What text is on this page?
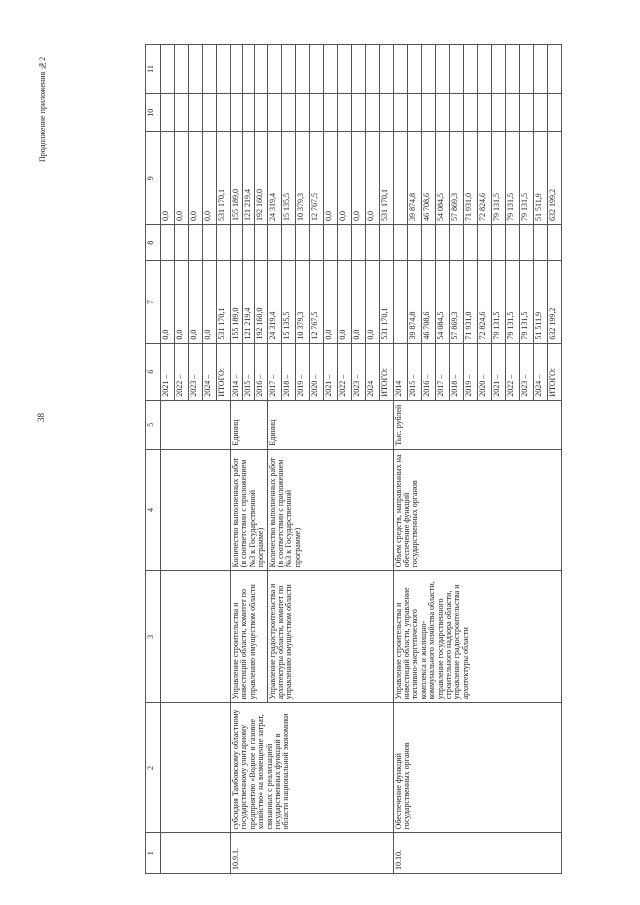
38
Продолжение приложения №2
1	2	3	4	5	6	7	8	9	10	11
					2021 –	0,0		0,0		
					2022 –	0,0		0,0		
					2023 –	0,0		0,0		
					2024 –	0,0		0,0		
					ИТОГО:	531 170,1		531 170,1		
10.9.1.	субсидия Тамбовскому областному государственному унитарному предприятию «Водное и газовое хозяйство» на возмещение затрат, связанных с реализацией государственных функций в области национальной экономики	Управление строительства и инвестиций области, комитет по управлению имуществом области	Количество выполненных работ (в соответствии с приложением №3 к Государственной программе)	Единиц	2014 –	155 189,0		155 189,0		
					2015 –	121 219,4		121 219,4		
					2016 –	192 160,0		192 160,0		
		Управление градостроительства и архитектуры области, комитет по управлению имуществом области	Количество выполненных работ (в соответствии с приложением №3 к Государственной программе)	Единиц	2017 –	24 319,4		24 319,4		
					2018 –	15 135,5		15 135,5		
					2019 –	10 379,3		10 379,3		
					2020 –	12 767,5		12 767,5		
					2021 –	0,0		0,0		
					2022 –	0,0		0,0		
					2023 –	0,0		0,0		
					2024	0,0		0,0		
					ИТОГО:	531 170,1		531 170,1		
10.10.	Обеспечение функций государственных органов	Управление строительства и инвестиций области, управление топливно-энергетического комплекса и жилищно-коммунального хозяйства области, управление государственного строительного надзора области, управление градостроительства и архитектуры области	Объем средств, направленных на обеспечение функций государственных органов	Тыс. рублей	2014					
					2015 –	39 874,8		39 874,8		
					2016 –	46 708,6		46 708,6		
					2017 –	54 084,5		54 084,5		
					2018 –	57 869,3		57 869,3		
					2019 –	71 931,0		71 931,0		
					2020 –	72 824,6		72 824,6		
					2021 –	79 131,5		79 131,5		
					2022 –	79 131,5		79 131,5		
					2023 –	79 131,5		79 131,5		
					2024 –	51 511,9		51 511,9		
					ИТОГО:	632 199,2		632 199,2		
